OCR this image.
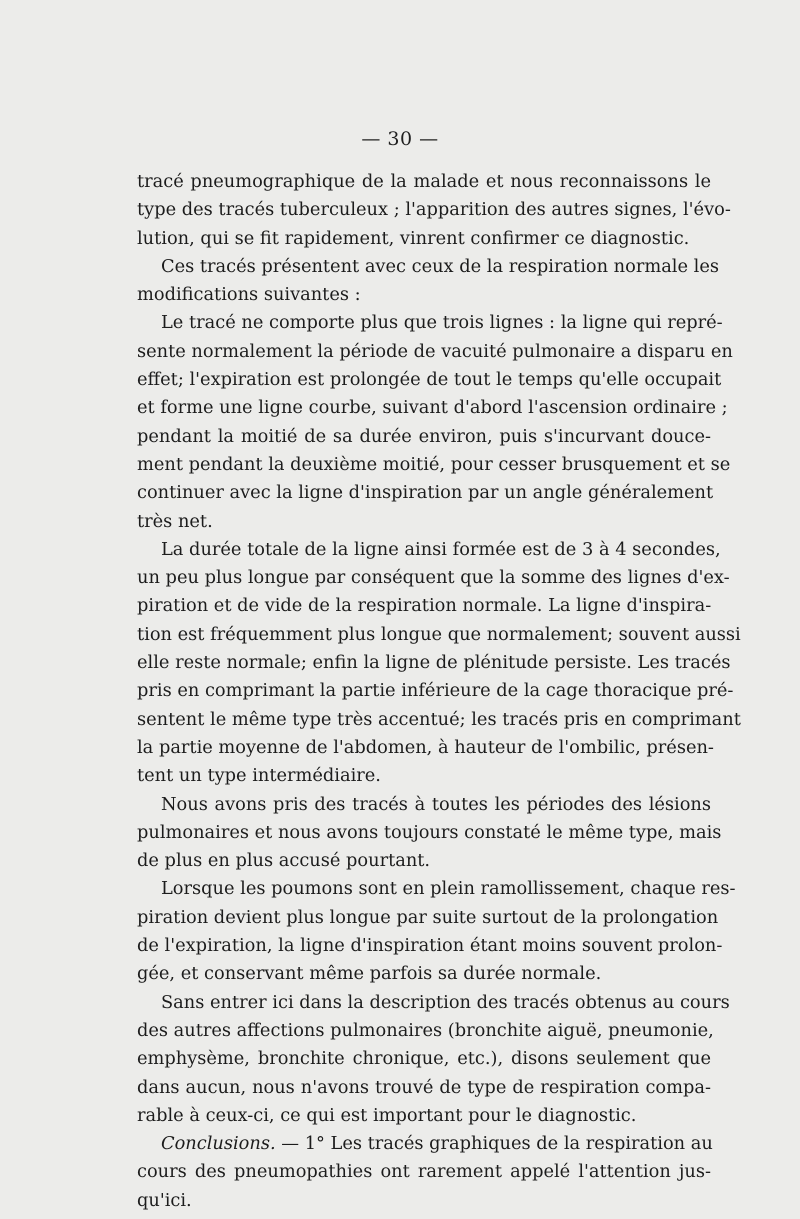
— 30 —

tracé pneumographique de la malade et nous reconnaissons le
type des tracés tuberculeux ; l'apparition des autres signes, l'évo-
lution, qui se fit rapidement, vinrent confirmer ce diagnostic.

Ces tracés présentent avec ceux de la respiration normale les
modifications suivantes :

Le tracé ne comporte plus que trois lignes : la ligne qui repré-
sente normalement la période de vacuité pulmonaire a disparu en
effet; l'expiration est prolongée de tout le temps qu'elle occupait
et forme une ligne courbe, suivant d'abord l'ascension ordinaire ;
pendant la moitié de sa durée environ, puis s'incurvant douce-
ment pendant la deuxième moitié, pour cesser brusquement et se
continuer avec la ligne d'inspiration par un angle généralement
très net.

La durée totale de la ligne ainsi formée est de 3 à 4 secondes,
un peu plus longue par conséquent que la somme des lignes d'ex-
piration et de vide de la respiration normale. La ligne d'inspira-
tion est fréquemment plus longue que normalement; souvent aussi
elle reste normale; enfin la ligne de plénitude persiste. Les tracés
pris en comprimant la partie inférieure de la cage thoracique pré-
sentent le même type très accentué; les tracés pris en comprimant
la partie moyenne de l'abdomen, à hauteur de l'ombilic, présen-
tent un type intermédiaire.

Nous avons pris des tracés à toutes les périodes des lésions
pulmonaires et nous avons toujours constaté le même type, mais
de plus en plus accusé pourtant.

Lorsque les poumons sont en plein ramollissement, chaque res-
piration devient plus longue par suite surtout de la prolongation
de l'expiration, la ligne d'inspiration étant moins souvent prolon-
gée, et conservant même parfois sa durée normale.

Sans entrer ici dans la description des tracés obtenus au cours
des autres affections pulmonaires (bronchite aiguë, pneumonie,
emphysème, bronchite chronique, etc.), disons seulement que
dans aucun, nous n'avons trouvé de type de respiration compa-
rable à ceux-ci, ce qui est important pour le diagnostic.

Conclusions. — 1° Les tracés graphiques de la respiration au
cours des pneumopathies ont rarement appelé l'attention jus-
qu'ici.
